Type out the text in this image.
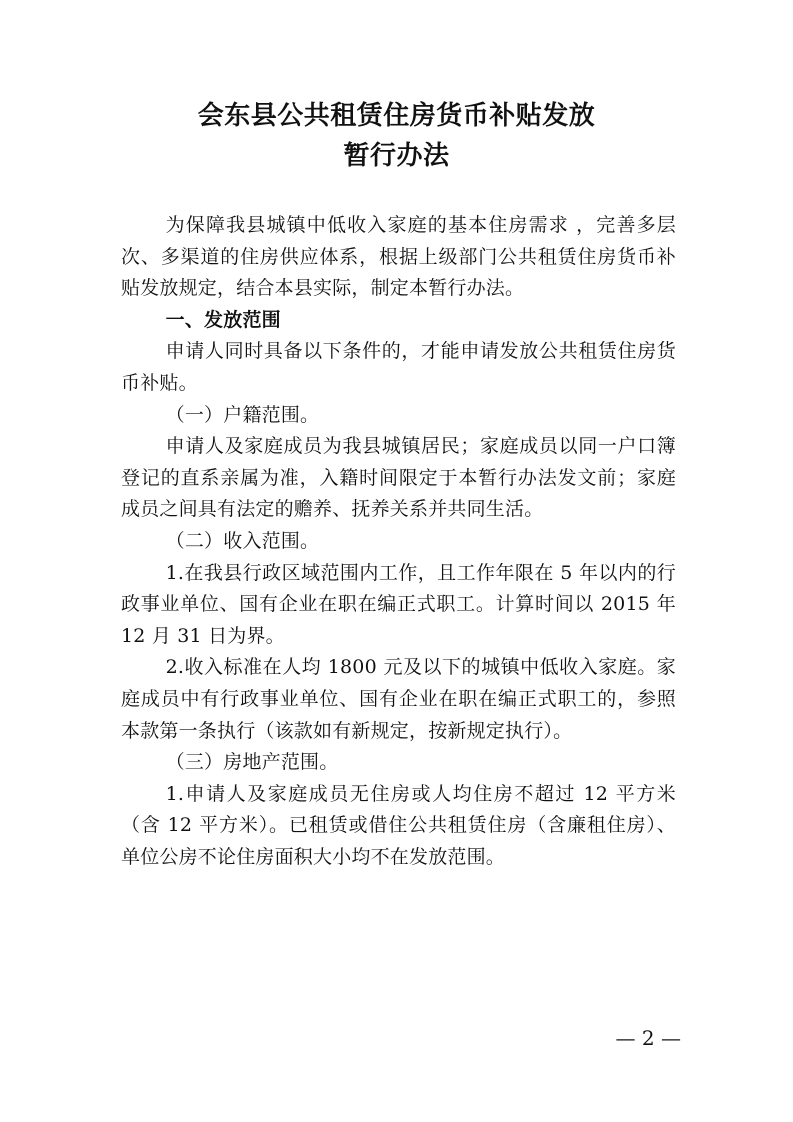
会东县公共租赁住房货币补贴发放
暂行办法

为保障我县城镇中低收入家庭的基本住房需求 ，完善多层次、多渠道的住房供应体系，根据上级部门公共租赁住房货币补贴发放规定，结合本县实际，制定本暂行办法。

一、发放范围

申请人同时具备以下条件的，才能申请发放公共租赁住房货币补贴。

（一）户籍范围。

申请人及家庭成员为我县城镇居民；家庭成员以同一户口簿登记的直系亲属为准，入籍时间限定于本暂行办法发文前；家庭成员之间具有法定的赡养、抚养关系并共同生活。

（二）收入范围。

1.在我县行政区域范围内工作，且工作年限在 5 年以内的行政事业单位、国有企业在职在编正式职工。计算时间以 2015 年 12 月 31 日为界。

2.收入标准在人均 1800 元及以下的城镇中低收入家庭。家庭成员中有行政事业单位、国有企业在职在编正式职工的，参照本款第一条执行（该款如有新规定，按新规定执行）。

（三）房地产范围。

1.申请人及家庭成员无住房或人均住房不超过 12 平方米（含 12 平方米）。已租赁或借住公共租赁住房（含廉租住房）、单位公房不论住房面积大小均不在发放范围。

— 2 —
